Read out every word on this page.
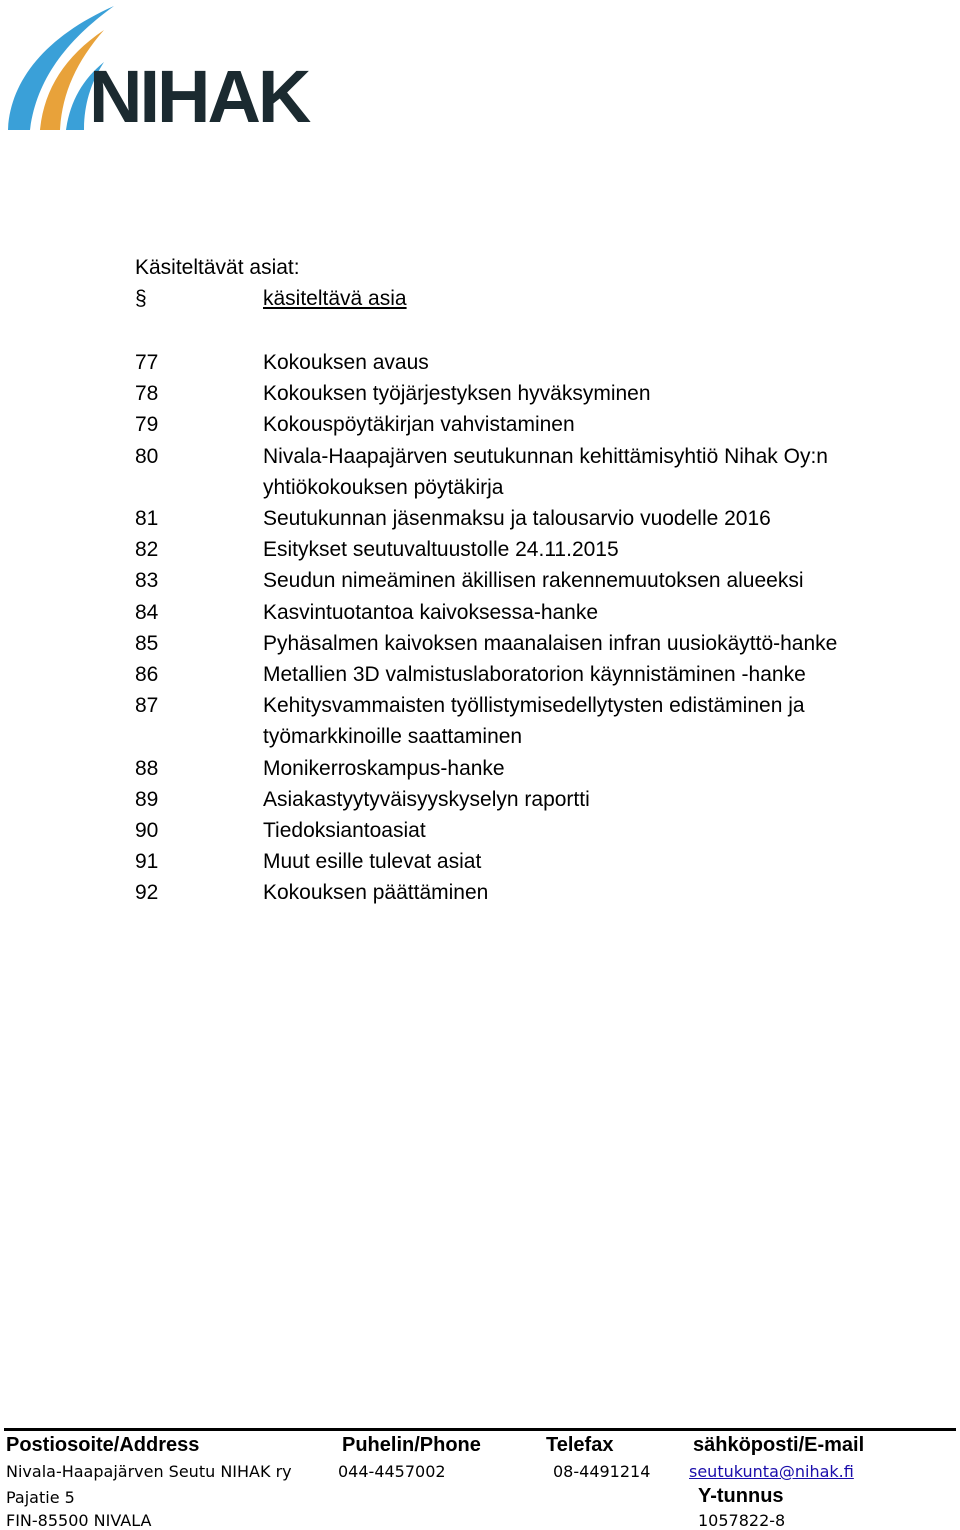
NIHAK
Käsiteltävät asiat:
§	käsiteltävä asia
77	Kokouksen avaus
78	Kokouksen työjärjestyksen hyväksyminen
79	Kokouspöytäkirjan vahvistaminen
80	Nivala-Haapajärven seutukunnan kehittämisyhtiö Nihak Oy:n
yhtiökokouksen pöytäkirja
81	Seutukunnan jäsenmaksu ja talousarvio vuodelle 2016
82	Esitykset seutuvaltuustolle 24.11.2015
83	Seudun nimeäminen äkillisen rakennemuutoksen alueeksi
84	Kasvintuotantoa kaivoksessa-hanke
85	Pyhäsalmen kaivoksen maanalaisen infran uusiokäyttö-hanke
86	Metallien 3D valmistuslaboratorion käynnistäminen -hanke
87	Kehitysvammaisten työllistymisedellytysten edistäminen ja
työmarkkinoille saattaminen
88	Monikerroskampus-hanke
89	Asiakastyytyväisyyskyselyn raportti
90	Tiedoksiantoasiat
91	Muut esille tulevat asiat
92	Kokouksen päättäminen
Postiosoite/Address	Puhelin/Phone	Telefax	sähköposti/E-mail
Nivala-Haapajärven Seutu NIHAK ry	044-4457002	08-4491214 seutukunta@nihak.fi
Pajatie 5	Y-tunnus
FIN-85500 NIVALA	1057822-8
